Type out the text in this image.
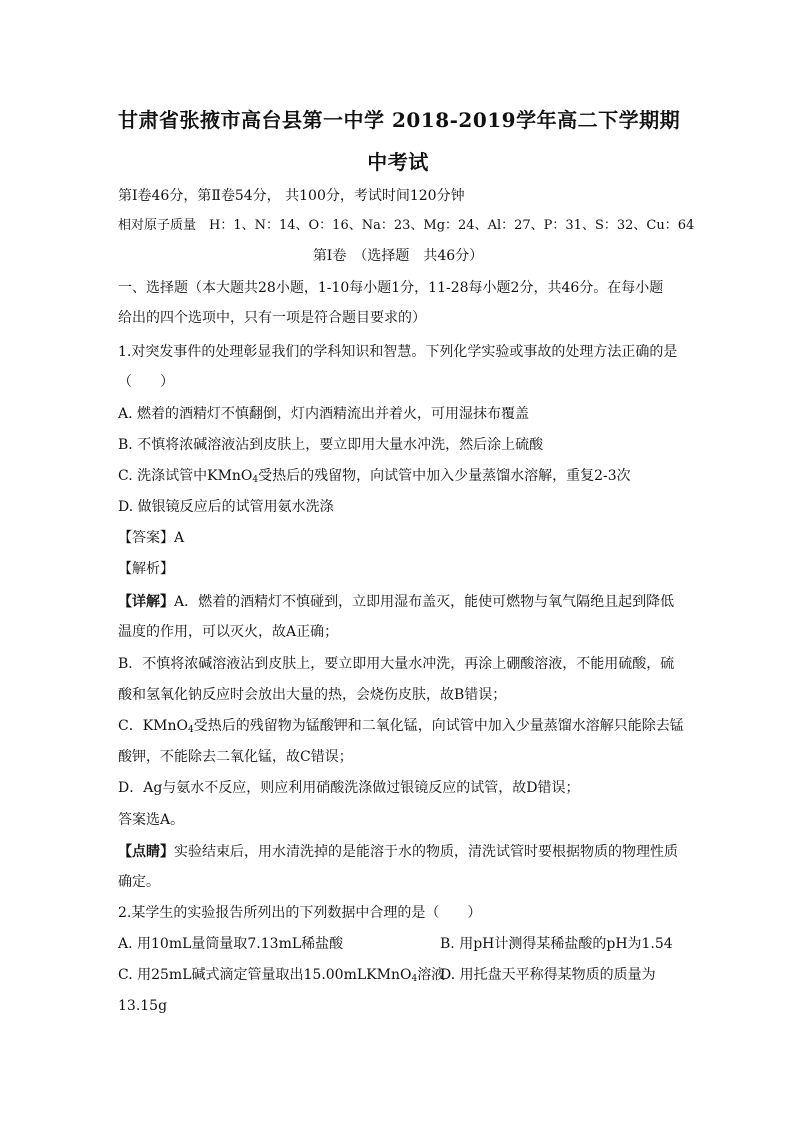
甘肃省张掖市高台县第一中学 2018-2019学年高二下学期期
中考试
第Ⅰ卷46分，第Ⅱ卷54分， 共100分，考试时间120分钟
相对原子质量　H：1、N：14、O：16、Na：23、Mg：24、Al：27、P：31、S：32、Cu：64
第Ⅰ卷　（选择题　共46分）
一、选择题（本大题共28小题，1-10每小题1分，11-28每小题2分，共46分。在每小题
给出的四个选项中，只有一项是符合题目要求的）
1.对突发事件的处理彰显我们的学科知识和智慧。下列化学实验或事故的处理方法正确的是
（　　）
A. 燃着的酒精灯不慎翻倒，灯内酒精流出并着火，可用湿抹布覆盖
B. 不慎将浓碱溶液沾到皮肤上，要立即用大量水冲洗，然后涂上硫酸
C. 洗涤试管中KMnO$_4$受热后的残留物，向试管中加入少量蒸馏水溶解，重复2-3次
D. 做银镜反应后的试管用氨水洗涤
【答案】A
【解析】
【详解】A．燃着的酒精灯不慎碰到，立即用湿布盖灭，能使可燃物与氧气隔绝且起到降低
温度的作用，可以灭火，故A正确；
B．不慎将浓碱溶液沾到皮肤上，要立即用大量水冲洗，再涂上硼酸溶液，不能用硫酸，硫
酸和氢氧化钠反应时会放出大量的热，会烧伤皮肤，故B错误；
C．KMnO$_4$受热后的残留物为锰酸钾和二氧化锰，向试管中加入少量蒸馏水溶解只能除去锰
酸钾，不能除去二氧化锰，故C错误；
D．Ag与氨水不反应，则应利用硝酸洗涤做过银镜反应的试管，故D错误；
答案选A。
【点睛】实验结束后，用水清洗掉的是能溶于水的物质，清洗试管时要根据物质的物理性质
确定。
2.某学生的实验报告所列出的下列数据中合理的是（　　）
A. 用10mL量筒量取7.13mL稀盐酸	B. 用pH计测得某稀盐酸的pH为1.54
C. 用25mL碱式滴定管量取出15.00mLKMnO$_4$溶液
D. 用托盘天平称得某物质的质量为
13.15g
